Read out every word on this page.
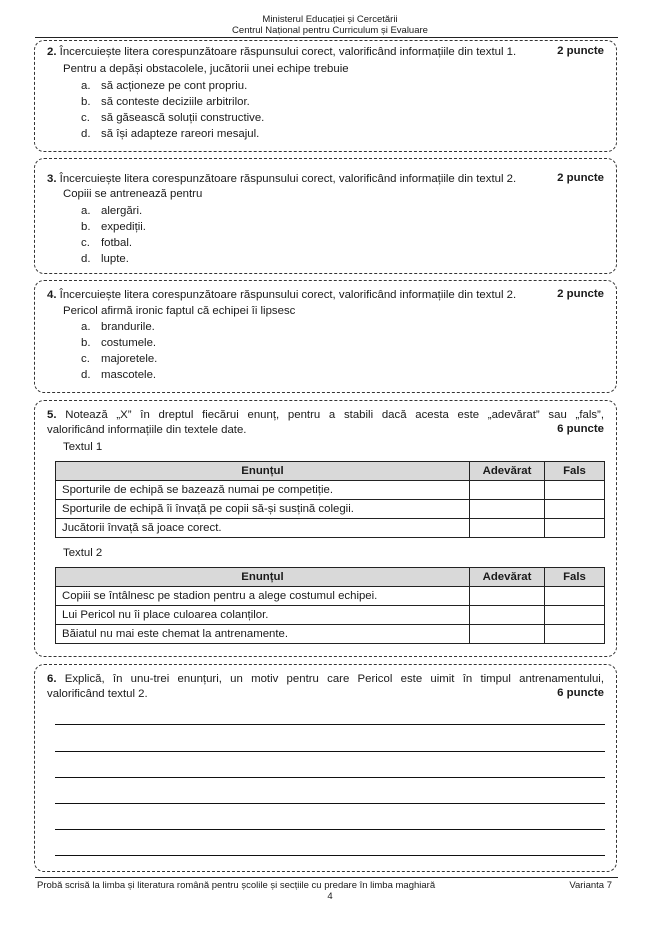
Ministerul Educației și Cercetării
Centrul Național pentru Curriculum și Evaluare
2. Încercuiește litera corespunzătoare răspunsului corect, valorificând informațiile din textul 1.	2 puncte
Pentru a depăși obstacolele, jucătorii unei echipe trebuie
a. să acționeze pe cont propriu.
b. să conteste deciziile arbitrilor.
c. să găsească soluții constructive.
d. să își adapteze rareori mesajul.
3. Încercuiește litera corespunzătoare răspunsului corect, valorificând informațiile din textul 2.	2 puncte
Copiii se antrenează pentru
a. alergări.
b. expediții.
c. fotbal.
d. lupte.
4. Încercuiește litera corespunzătoare răspunsului corect, valorificând informațiile din textul 2.	2 puncte
Pericol afirmă ironic faptul că echipei îi lipsesc
a. brandurile.
b. costumele.
c. majoretele.
d. mascotele.
5. Notează „X” în dreptul fiecărui enunț, pentru a stabili dacă acesta este „adevărat” sau „fals”,
valorificând informațiile din textele date.	6 puncte
Textul 1
Enunțul	Adevărat	Fals
Sporturile de echipă se bazează numai pe competiție.		
Sporturile de echipă îi învață pe copii să-și susțină colegii.		
Jucătorii învață să joace corect.		
Textul 2
Enunțul	Adevărat	Fals
Copiii se întâlnesc pe stadion pentru a alege costumul echipei.		
Lui Pericol nu îi place culoarea colanților.		
Băiatul nu mai este chemat la antrenamente.		
6. Explică, în unu-trei enunțuri, un motiv pentru care Pericol este uimit în timpul antrenamentului,
valorificând textul 2.	6 puncte
Probă scrisă la limba și literatura română pentru școlile și secțiile cu predare în limba maghiară	Varianta 7
4
